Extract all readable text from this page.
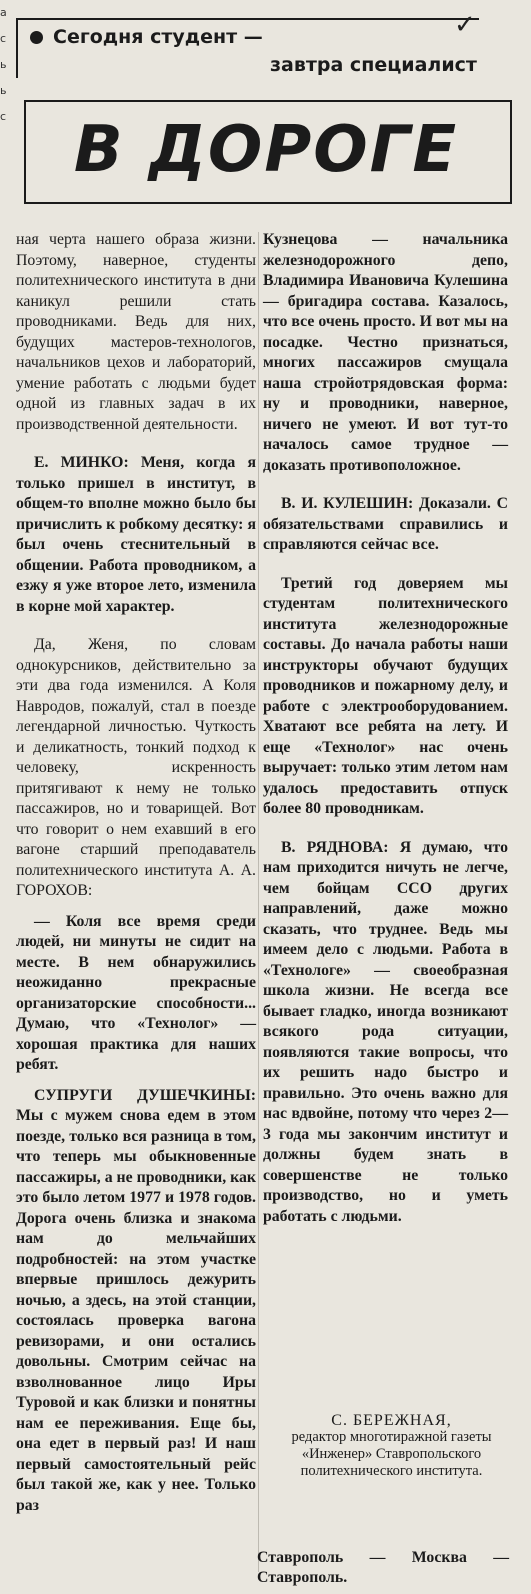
а
с
ь
ь
с
✓
Сегодня студент —
завтра специалист
В ДОРОГЕ

ная черта нашего образа жизни. Поэтому, наверное, студенты политехнического института в дни каникул решили стать проводниками. Ведь для них, будущих мастеров-технологов, начальников цехов и лабораторий, умение работать с людьми будет одной из главных задач в их производственной деятельности.

Е. МИНКО: Меня, когда я только пришел в институт, в общем-то вполне можно было бы причислить к робкому десятку: я был очень стеснительный в общении. Работа проводником, а езжу я уже второе лето, изменила в корне мой характер.

Да, Женя, по словам однокурсников, действительно за эти два года изменился. А Коля Навродов, пожалуй, стал в поезде легендарной личностью. Чуткость и деликатность, тонкий подход к человеку, искренность притягивают к нему не только пассажиров, но и товарищей. Вот что говорит о нем ехавший в его вагоне старший преподаватель политехнического института А. А. ГОРОХОВ:

— Коля все время среди людей, ни минуты не сидит на месте. В нем обнаружились неожиданно прекрасные организаторские способности... Думаю, что «Технолог» — хорошая практика для наших ребят.

СУПРУГИ ДУШЕЧКИНЫ: Мы с мужем снова едем в этом поезде, только вся разница в том, что теперь мы обыкновенные пассажиры, а не проводники, как это было летом 1977 и 1978 годов. Дорога очень близка и знакома нам до мельчайших подробностей: на этом участке впервые пришлось дежурить ночью, а здесь, на этой станции, состоялась проверка вагона ревизорами, и они остались довольны. Смотрим сейчас на взволнованное лицо Иры Туровой и как близки и понятны нам ее переживания. Еще бы, она едет в первый раз! И наш первый самостоятельный рейс был такой же, как у нее. Только раз

Кузнецова — начальника железнодорожного депо, Владимира Ивановича Кулешина — бригадира состава. Казалось, что все очень просто. И вот мы на посадке. Честно признаться, многих пассажиров смущала наша стройотрядовская форма: ну и проводники, наверное, ничего не умеют. И вот тут-то началось самое трудное — доказать противоположное.

В. И. КУЛЕШИН: Доказали. С обязательствами справились и справляются сейчас все.

Третий год доверяем мы студентам политехнического института железнодорожные составы. До начала работы наши инструкторы обучают будущих проводников и пожарному делу, и работе с электрооборудованием. Хватают все ребята на лету. И еще «Технолог» нас очень выручает: только этим летом нам удалось предоставить отпуск более 80 проводникам.

В. РЯДНОВА: Я думаю, что нам приходится ничуть не легче, чем бойцам ССО других направлений, даже можно сказать, что труднее. Ведь мы имеем дело с людьми. Работа в «Технологе» — своеобразная школа жизни. Не всегда все бывает гладко, иногда возникают всякого рода ситуации, появляются такие вопросы, что их решить надо быстро и правильно. Это очень важно для нас вдвойне, потому что через 2—3 года мы закончим институт и должны будем знать в совершенстве не только производство, но и уметь работать с людьми.

С. БЕРЕЖНАЯ,
редактор многотиражной газеты «Инженер» Ставропольского политехнического института.
Ставрополь — Москва — Ставрополь.
